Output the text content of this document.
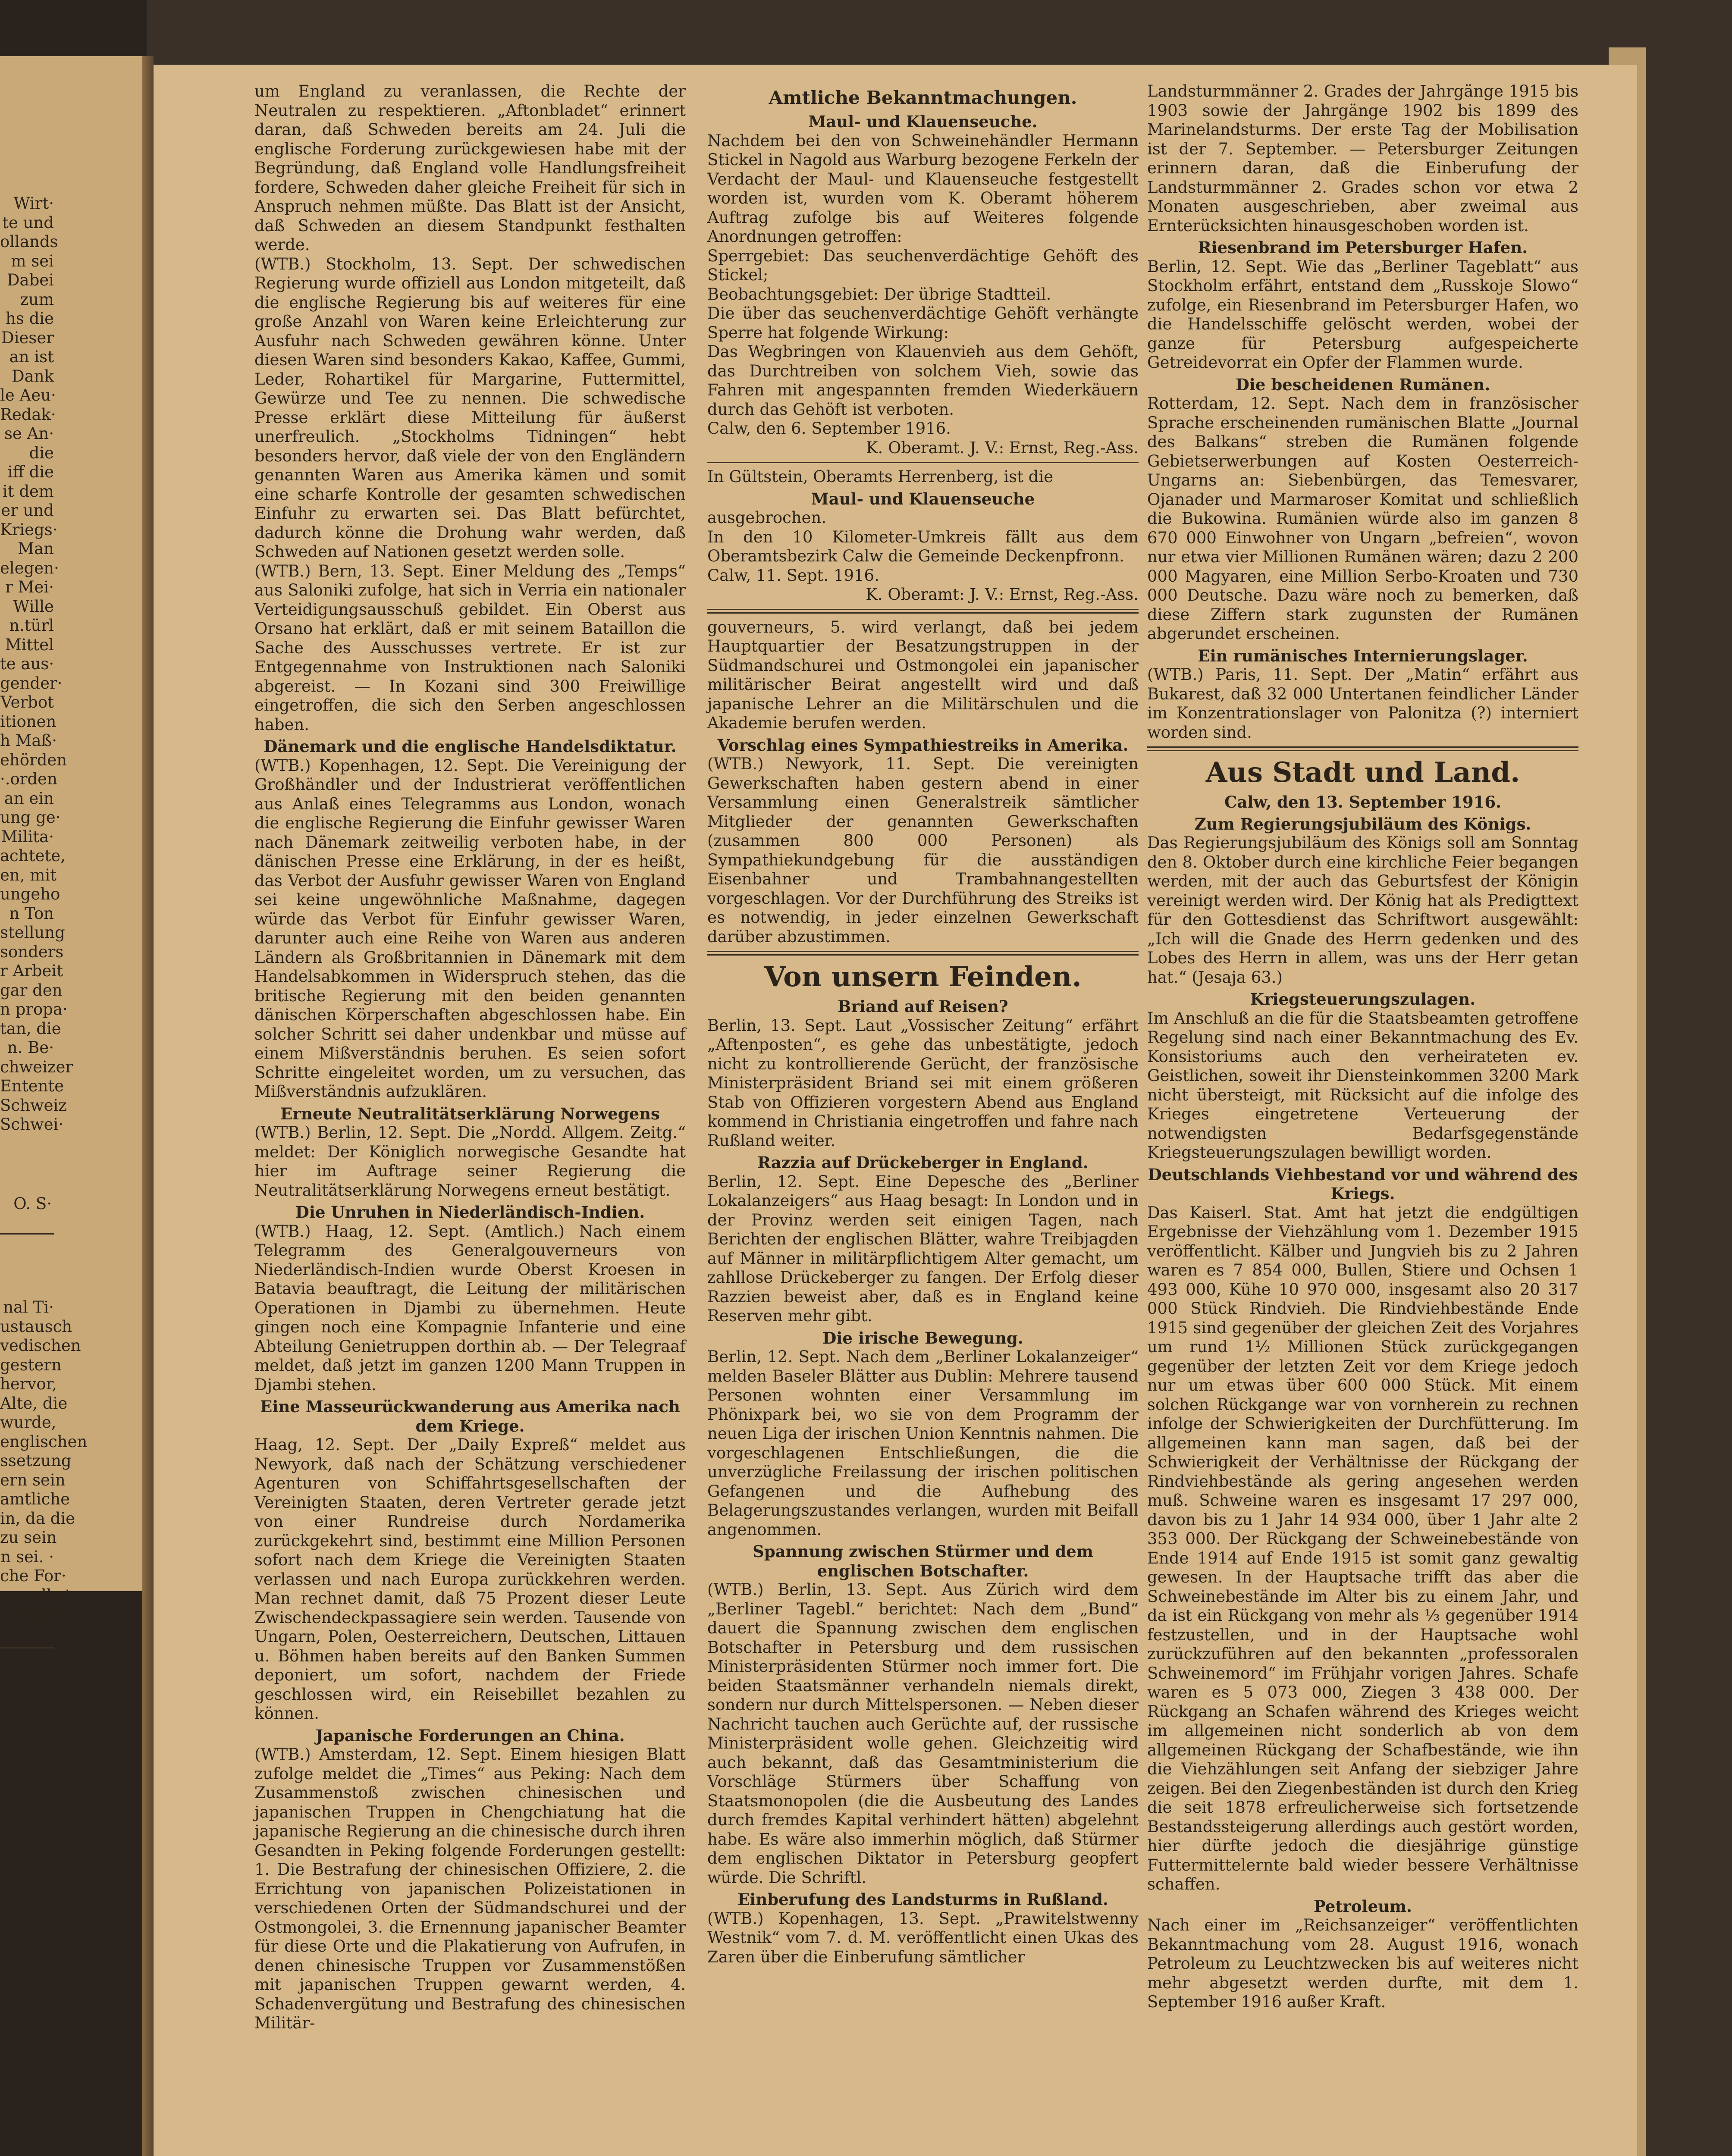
Wirt·
te und
ollands
m sei
Dabei
zum
hs die
Dieser
an ist
Dank
le Aeu·
Redak·
se An·
die
iff die
it dem
er und
Kriegs·
Man
elegen·
r Mei·
Wille
n.türl
Mittel
te aus·
gender·
Verbot
itionen
h Maß·
ehörden
·.orden
an ein
ung ge·
Milita·
achtete,
en, mit
ungeho
n Ton
stellung
sonders
r Arbeit
gar den
n propa·
tan, die
n. Be·
chweizer
Entente
Schweiz
Schwei·
O. S·
nal Ti·
ustausch
vedischen
gestern
hervor,
Alte, die
wurde,
englischen
ssetzung
ern sein
amtliche
in, da die
zu sein
n sei. ·
che For·
vo selbst
n müsse,

um England zu veranlassen, die Rechte der Neutralen zu respektieren. „Aftonbladet“ erinnert daran, daß Schweden bereits am 24. Juli die englische Forderung zurückgewiesen habe mit der Begründung, daß England volle Handlungsfreiheit fordere, Schweden daher gleiche Freiheit für sich in Anspruch nehmen müßte. Das Blatt ist der Ansicht, daß Schweden an diesem Standpunkt festhalten werde.

(WTB.) Stockholm, 13. Sept. Der schwedischen Regierung wurde offiziell aus London mitgeteilt, daß die englische Regierung bis auf weiteres für eine große Anzahl von Waren keine Erleichterung zur Ausfuhr nach Schweden gewähren könne. Unter diesen Waren sind besonders Kakao, Kaffee, Gummi, Leder, Rohartikel für Margarine, Futtermittel, Gewürze und Tee zu nennen. Die schwedische Presse erklärt diese Mitteilung für äußerst unerfreulich. „Stockholms Tidningen“ hebt besonders hervor, daß viele der von den Engländern genannten Waren aus Amerika kämen und somit eine scharfe Kontrolle der gesamten schwedischen Einfuhr zu erwarten sei. Das Blatt befürchtet, dadurch könne die Drohung wahr werden, daß Schweden auf Nationen gesetzt werden solle.

(WTB.) Bern, 13. Sept. Einer Meldung des „Temps“ aus Saloniki zufolge, hat sich in Verria ein nationaler Verteidigungsausschuß gebildet. Ein Oberst aus Orsano hat erklärt, daß er mit seinem Bataillon die Sache des Ausschusses vertrete. Er ist zur Entgegennahme von Instruktionen nach Saloniki abgereist. — In Kozani sind 300 Freiwillige eingetroffen, die sich den Serben angeschlossen haben.

Dänemark und die englische Handelsdiktatur.

(WTB.) Kopenhagen, 12. Sept. Die Vereinigung der Großhändler und der Industrierat veröffentlichen aus Anlaß eines Telegramms aus London, wonach die englische Regierung die Einfuhr gewisser Waren nach Dänemark zeitweilig verboten habe, in der dänischen Presse eine Erklärung, in der es heißt, das Verbot der Ausfuhr gewisser Waren von England sei keine ungewöhnliche Maßnahme, dagegen würde das Verbot für Einfuhr gewisser Waren, darunter auch eine Reihe von Waren aus anderen Ländern als Großbritannien in Dänemark mit dem Handelsabkommen in Widerspruch stehen, das die britische Regierung mit den beiden genannten dänischen Körperschaften abgeschlossen habe. Ein solcher Schritt sei daher undenkbar und müsse auf einem Mißverständnis beruhen. Es seien sofort Schritte eingeleitet worden, um zu versuchen, das Mißverständnis aufzuklären.

Erneute Neutralitätserklärung Norwegens

(WTB.) Berlin, 12. Sept. Die „Nordd. Allgem. Zeitg.“ meldet: Der Königlich norwegische Gesandte hat hier im Auftrage seiner Regierung die Neutralitätserklärung Norwegens erneut bestätigt.

Die Unruhen in Niederländisch-Indien.

(WTB.) Haag, 12. Sept. (Amtlich.) Nach einem Telegramm des Generalgouverneurs von Niederländisch-Indien wurde Oberst Kroesen in Batavia beauftragt, die Leitung der militärischen Operationen in Djambi zu übernehmen. Heute gingen noch eine Kompagnie Infanterie und eine Abteilung Genietruppen dorthin ab. — Der Telegraaf meldet, daß jetzt im ganzen 1200 Mann Truppen in Djambi stehen.

Eine Masseurückwanderung aus Amerika nach dem Kriege.

Haag, 12. Sept. Der „Daily Expreß“ meldet aus Newyork, daß nach der Schätzung verschiedener Agenturen von Schiffahrtsgesellschaften der Vereinigten Staaten, deren Vertreter gerade jetzt von einer Rundreise durch Nordamerika zurückgekehrt sind, bestimmt eine Million Personen sofort nach dem Kriege die Vereinigten Staaten verlassen und nach Europa zurückkehren werden. Man rechnet damit, daß 75 Prozent dieser Leute Zwischendeckpassagiere sein werden. Tausende von Ungarn, Polen, Oesterreichern, Deutschen, Littauen u. Böhmen haben bereits auf den Banken Summen deponiert, um sofort, nachdem der Friede geschlossen wird, ein Reisebillet bezahlen zu können.

Japanische Forderungen an China.

(WTB.) Amsterdam, 12. Sept. Einem hiesigen Blatt zufolge meldet die „Times“ aus Peking: Nach dem Zusammenstoß zwischen chinesischen und japanischen Truppen in Chengchiatung hat die japanische Regierung an die chinesische durch ihren Gesandten in Peking folgende Forderungen gestellt: 1. Die Bestrafung der chinesischen Offiziere, 2. die Errichtung von japanischen Polizeistationen in verschiedenen Orten der Südmandschurei und der Ostmongolei, 3. die Ernennung japanischer Beamter für diese Orte und die Plakatierung von Aufrufen, in denen chinesische Truppen vor Zusammenstößen mit japanischen Truppen gewarnt werden, 4. Schadenvergütung und Bestrafung des chinesischen Militär-

Amtliche Bekanntmachungen.
Maul- und Klauenseuche.

Nachdem bei den von Schweinehändler Hermann Stickel in Nagold aus Warburg bezogene Ferkeln der Verdacht der Maul- und Klauenseuche festgestellt worden ist, wurden vom K. Oberamt höherem Auftrag zufolge bis auf Weiteres folgende Anordnungen getroffen:

Sperrgebiet: Das seuchenverdächtige Gehöft des Stickel;

Beobachtungsgebiet: Der übrige Stadtteil.

Die über das seuchenverdächtige Gehöft verhängte Sperre hat folgende Wirkung:

Das Wegbringen von Klauenvieh aus dem Gehöft, das Durchtreiben von solchem Vieh, sowie das Fahren mit angespannten fremden Wiederkäuern durch das Gehöft ist verboten.

Calw, den 6. September 1916.

K. Oberamt. J. V.: Ernst, Reg.-Ass.

In Gültstein, Oberamts Herrenberg, ist die

Maul- und Klauenseuche

ausgebrochen.

In den 10 Kilometer-Umkreis fällt aus dem Oberamtsbezirk Calw die Gemeinde Deckenpfronn.

Calw, 11. Sept. 1916.

K. Oberamt: J. V.: Ernst, Reg.-Ass.

gouverneurs, 5. wird verlangt, daß bei jedem Hauptquartier der Besatzungstruppen in der Südmandschurei und Ostmongolei ein japanischer militärischer Beirat angestellt wird und daß japanische Lehrer an die Militärschulen und die Akademie berufen werden.

Vorschlag eines Sympathiestreiks in Amerika.

(WTB.) Newyork, 11. Sept. Die vereinigten Gewerkschaften haben gestern abend in einer Versammlung einen Generalstreik sämtlicher Mitglieder der genannten Gewerkschaften (zusammen 800 000 Personen) als Sympathiekundgebung für die ausständigen Eisenbahner und Trambahnangestellten vorgeschlagen. Vor der Durchführung des Streiks ist es notwendig, in jeder einzelnen Gewerkschaft darüber abzustimmen.

Von unsern Feinden.
Briand auf Reisen?

Berlin, 13. Sept. Laut „Vossischer Zeitung“ erfährt „Aftenposten“, es gehe das unbestätigte, jedoch nicht zu kontrollierende Gerücht, der französische Ministerpräsident Briand sei mit einem größeren Stab von Offizieren vorgestern Abend aus England kommend in Christiania eingetroffen und fahre nach Rußland weiter.

Razzia auf Drückeberger in England.

Berlin, 12. Sept. Eine Depesche des „Berliner Lokalanzeigers“ aus Haag besagt: In London und in der Provinz werden seit einigen Tagen, nach Berichten der englischen Blätter, wahre Treibjagden auf Männer in militärpflichtigem Alter gemacht, um zahllose Drückeberger zu fangen. Der Erfolg dieser Razzien beweist aber, daß es in England keine Reserven mehr gibt.

Die irische Bewegung.

Berlin, 12. Sept. Nach dem „Berliner Lokalanzeiger“ melden Baseler Blätter aus Dublin: Mehrere tausend Personen wohnten einer Versammlung im Phönixpark bei, wo sie von dem Programm der neuen Liga der irischen Union Kenntnis nahmen. Die vorgeschlagenen Entschließungen, die die unverzügliche Freilassung der irischen politischen Gefangenen und die Aufhebung des Belagerungszustandes verlangen, wurden mit Beifall angenommen.

Spannung zwischen Stürmer und dem englischen Botschafter.

(WTB.) Berlin, 13. Sept. Aus Zürich wird dem „Berliner Tagebl.“ berichtet: Nach dem „Bund“ dauert die Spannung zwischen dem englischen Botschafter in Petersburg und dem russischen Ministerpräsidenten Stürmer noch immer fort. Die beiden Staatsmänner verhandeln niemals direkt, sondern nur durch Mittelspersonen. — Neben dieser Nachricht tauchen auch Gerüchte auf, der russische Ministerpräsident wolle gehen. Gleichzeitig wird auch bekannt, daß das Gesamtministerium die Vorschläge Stürmers über Schaffung von Staatsmonopolen (die die Ausbeutung des Landes durch fremdes Kapital verhindert hätten) abgelehnt habe. Es wäre also immerhin möglich, daß Stürmer dem englischen Diktator in Petersburg geopfert würde. Die Schriftl.

Einberufung des Landsturms in Rußland.

(WTB.) Kopenhagen, 13. Sept. „Prawitelstwenny Westnik“ vom 7. d. M. veröffentlicht einen Ukas des Zaren über die Einberufung sämtlicher

Landsturmmänner 2. Grades der Jahrgänge 1915 bis 1903 sowie der Jahrgänge 1902 bis 1899 des Marinelandsturms. Der erste Tag der Mobilisation ist der 7. September. — Petersburger Zeitungen erinnern daran, daß die Einberufung der Landsturmmänner 2. Grades schon vor etwa 2 Monaten ausgeschrieben, aber zweimal aus Ernterücksichten hinausgeschoben worden ist.

Riesenbrand im Petersburger Hafen.

Berlin, 12. Sept. Wie das „Berliner Tageblatt“ aus Stockholm erfährt, entstand dem „Russkoje Slowo“ zufolge, ein Riesenbrand im Petersburger Hafen, wo die Handelsschiffe gelöscht werden, wobei der ganze für Petersburg aufgespeicherte Getreidevorrat ein Opfer der Flammen wurde.

Die bescheidenen Rumänen.

Rotterdam, 12. Sept. Nach dem in französischer Sprache erscheinenden rumänischen Blatte „Journal des Balkans“ streben die Rumänen folgende Gebietserwerbungen auf Kosten Oesterreich-Ungarns an: Siebenbürgen, das Temesvarer, Ojanader und Marmaroser Komitat und schließlich die Bukowina. Rumänien würde also im ganzen 8 670 000 Einwohner von Ungarn „befreien“, wovon nur etwa vier Millionen Rumänen wären; dazu 2 200 000 Magyaren, eine Million Serbo-Kroaten und 730 000 Deutsche. Dazu wäre noch zu bemerken, daß diese Ziffern stark zugunsten der Rumänen abgerundet erscheinen.

Ein rumänisches Internierungslager.

(WTB.) Paris, 11. Sept. Der „Matin“ erfährt aus Bukarest, daß 32 000 Untertanen feindlicher Länder im Konzentrationslager von Palonitza (?) interniert worden sind.

Aus Stadt und Land.

Calw, den 13. September 1916.

Zum Regierungsjubiläum des Königs.

Das Regierungsjubiläum des Königs soll am Sonntag den 8. Oktober durch eine kirchliche Feier begangen werden, mit der auch das Geburtsfest der Königin vereinigt werden wird. Der König hat als Predigttext für den Gottesdienst das Schriftwort ausgewählt: „Ich will die Gnade des Herrn gedenken und des Lobes des Herrn in allem, was uns der Herr getan hat.“ (Jesaja 63.)

Kriegsteuerungszulagen.

Im Anschluß an die für die Staatsbeamten getroffene Regelung sind nach einer Bekanntmachung des Ev. Konsistoriums auch den verheirateten ev. Geistlichen, soweit ihr Diensteinkommen 3200 Mark nicht übersteigt, mit Rücksicht auf die infolge des Krieges eingetretene Verteuerung der notwendigsten Bedarfsgegenstände Kriegsteuerungszulagen bewilligt worden.

Deutschlands Viehbestand vor und während des Kriegs.

Das Kaiserl. Stat. Amt hat jetzt die endgültigen Ergebnisse der Viehzählung vom 1. Dezember 1915 veröffentlicht. Kälber und Jungvieh bis zu 2 Jahren waren es 7 854 000, Bullen, Stiere und Ochsen 1 493 000, Kühe 10 970 000, insgesamt also 20 317 000 Stück Rindvieh. Die Rindviehbestände Ende 1915 sind gegenüber der gleichen Zeit des Vorjahres um rund 1½ Millionen Stück zurückgegangen gegenüber der letzten Zeit vor dem Kriege jedoch nur um etwas über 600 000 Stück. Mit einem solchen Rückgange war von vornherein zu rechnen infolge der Schwierigkeiten der Durchfütterung. Im allgemeinen kann man sagen, daß bei der Schwierigkeit der Verhältnisse der Rückgang der Rindviehbestände als gering angesehen werden muß. Schweine waren es insgesamt 17 297 000, davon bis zu 1 Jahr 14 934 000, über 1 Jahr alte 2 353 000. Der Rückgang der Schweinebestände von Ende 1914 auf Ende 1915 ist somit ganz gewaltig gewesen. In der Hauptsache trifft das aber die Schweinebestände im Alter bis zu einem Jahr, und da ist ein Rückgang von mehr als ⅓ gegenüber 1914 festzustellen, und in der Hauptsache wohl zurückzuführen auf den bekannten „professoralen Schweinemord“ im Frühjahr vorigen Jahres. Schafe waren es 5 073 000, Ziegen 3 438 000. Der Rückgang an Schafen während des Krieges weicht im allgemeinen nicht sonderlich ab von dem allgemeinen Rückgang der Schafbestände, wie ihn die Viehzählungen seit Anfang der siebziger Jahre zeigen. Bei den Ziegenbeständen ist durch den Krieg die seit 1878 erfreulicherweise sich fortsetzende Bestandssteigerung allerdings auch gestört worden, hier dürfte jedoch die diesjährige günstige Futtermittelernte bald wieder bessere Verhältnisse schaffen.

Petroleum.

Nach einer im „Reichsanzeiger“ veröffentlichten Bekanntmachung vom 28. August 1916, wonach Petroleum zu Leuchtzwecken bis auf weiteres nicht mehr abgesetzt werden durfte, mit dem 1. September 1916 außer Kraft.
